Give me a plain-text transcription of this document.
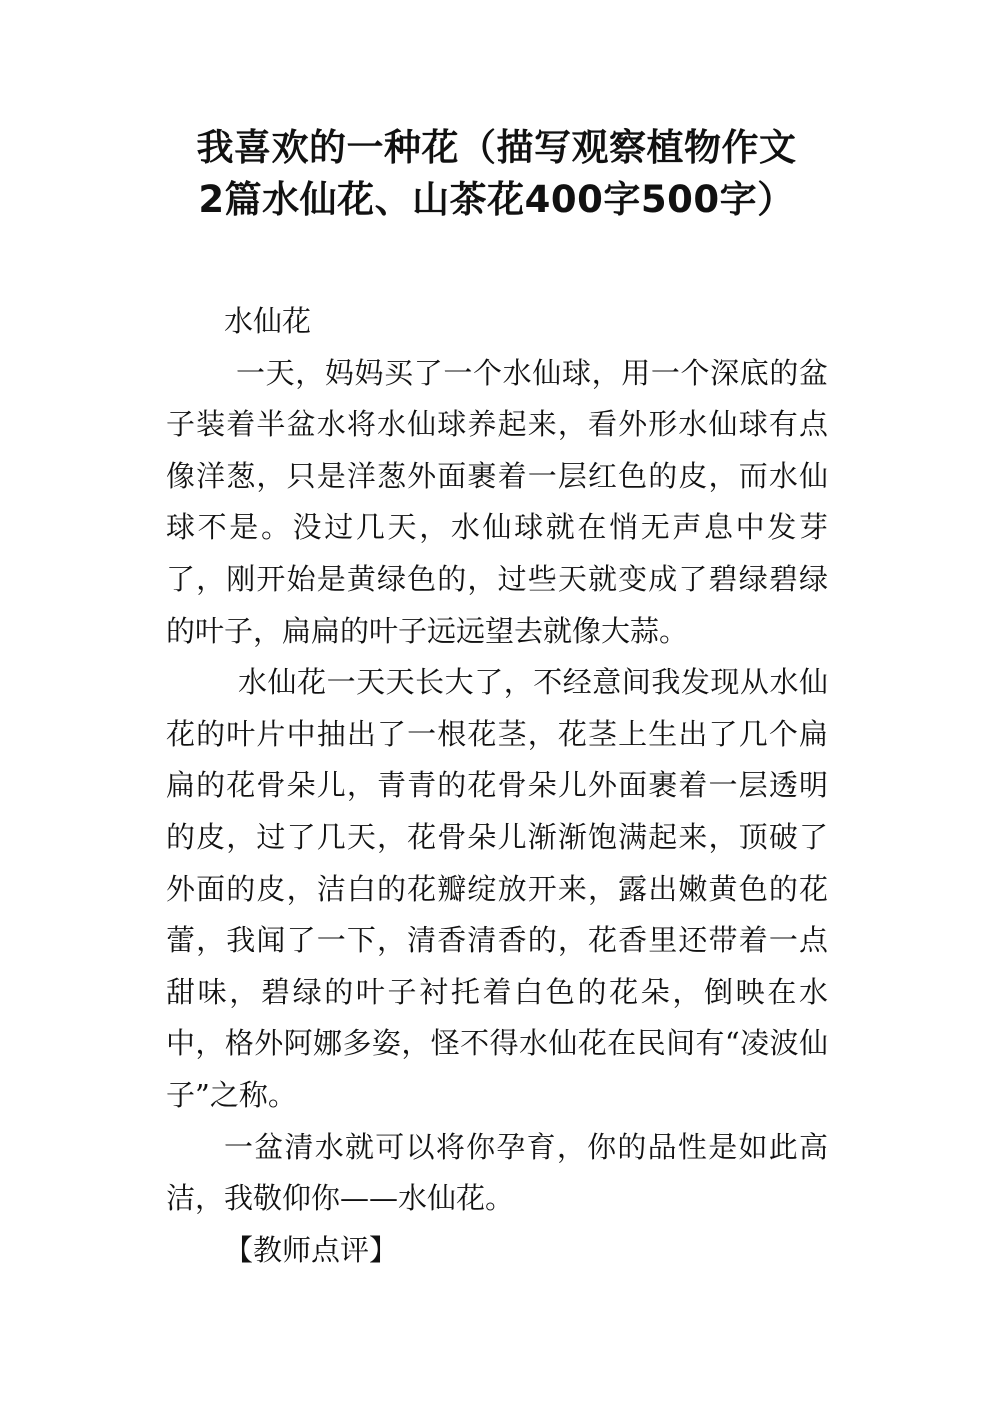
我喜欢的一种花（描写观察植物作文
2篇水仙花、山茶花400字500字）

水仙花

一天，妈妈买了一个水仙球，用一个深底的盆子装着半盆水将水仙球养起来，看外形水仙球有点像洋葱，只是洋葱外面裹着一层红色的皮，而水仙球不是。没过几天，水仙球就在悄无声息中发芽了，刚开始是黄绿色的，过些天就变成了碧绿碧绿的叶子，扁扁的叶子远远望去就像大蒜。

水仙花一天天长大了，不经意间我发现从水仙花的叶片中抽出了一根花茎，花茎上生出了几个扁扁的花骨朵儿，青青的花骨朵儿外面裹着一层透明的皮，过了几天，花骨朵儿渐渐饱满起来，顶破了外面的皮，洁白的花瓣绽放开来，露出嫩黄色的花蕾，我闻了一下，清香清香的，花香里还带着一点甜味，碧绿的叶子衬托着白色的花朵，倒映在水中，格外阿娜多姿，怪不得水仙花在民间有“凌波仙子”之称。

一盆清水就可以将你孕育，你的品性是如此高洁，我敬仰你——水仙花。

【教师点评】
